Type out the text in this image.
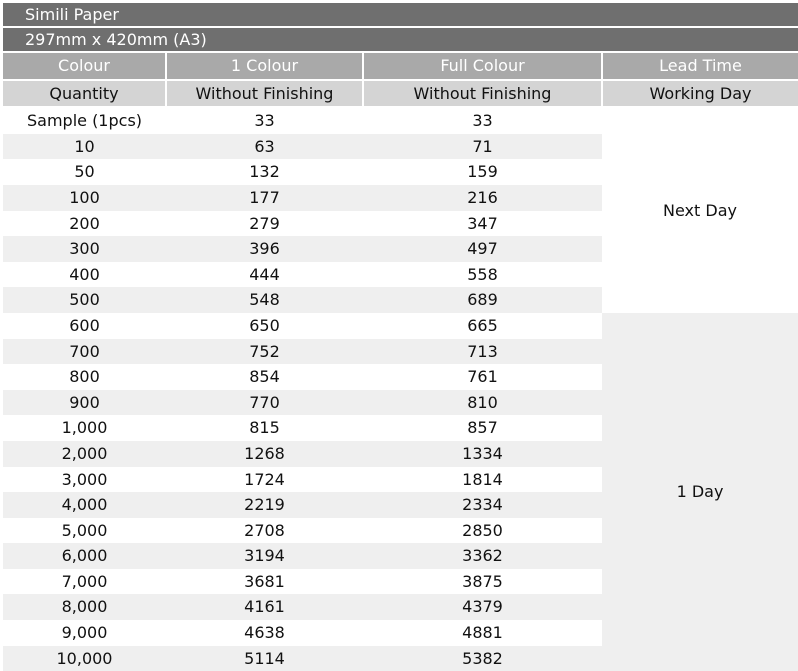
Simili Paper
297mm x 420mm (A3)
Colour	1 Colour	Full Colour	Lead Time
Quantity	Without Finishing	Without Finishing	Working Day
Sample (1pcs)	33	33	Next Day
10	63	71	
50	132	159	
100	177	216	
200	279	347	
300	396	497	
400	444	558	
500	548	689	
600	650	665	1 Day
700	752	713	
800	854	761	
900	770	810	
1,000	815	857	
2,000	1268	1334	
3,000	1724	1814	
4,000	2219	2334	
5,000	2708	2850	
6,000	3194	3362	
7,000	3681	3875	
8,000	4161	4379	
9,000	4638	4881	
10,000	5114	5382	
